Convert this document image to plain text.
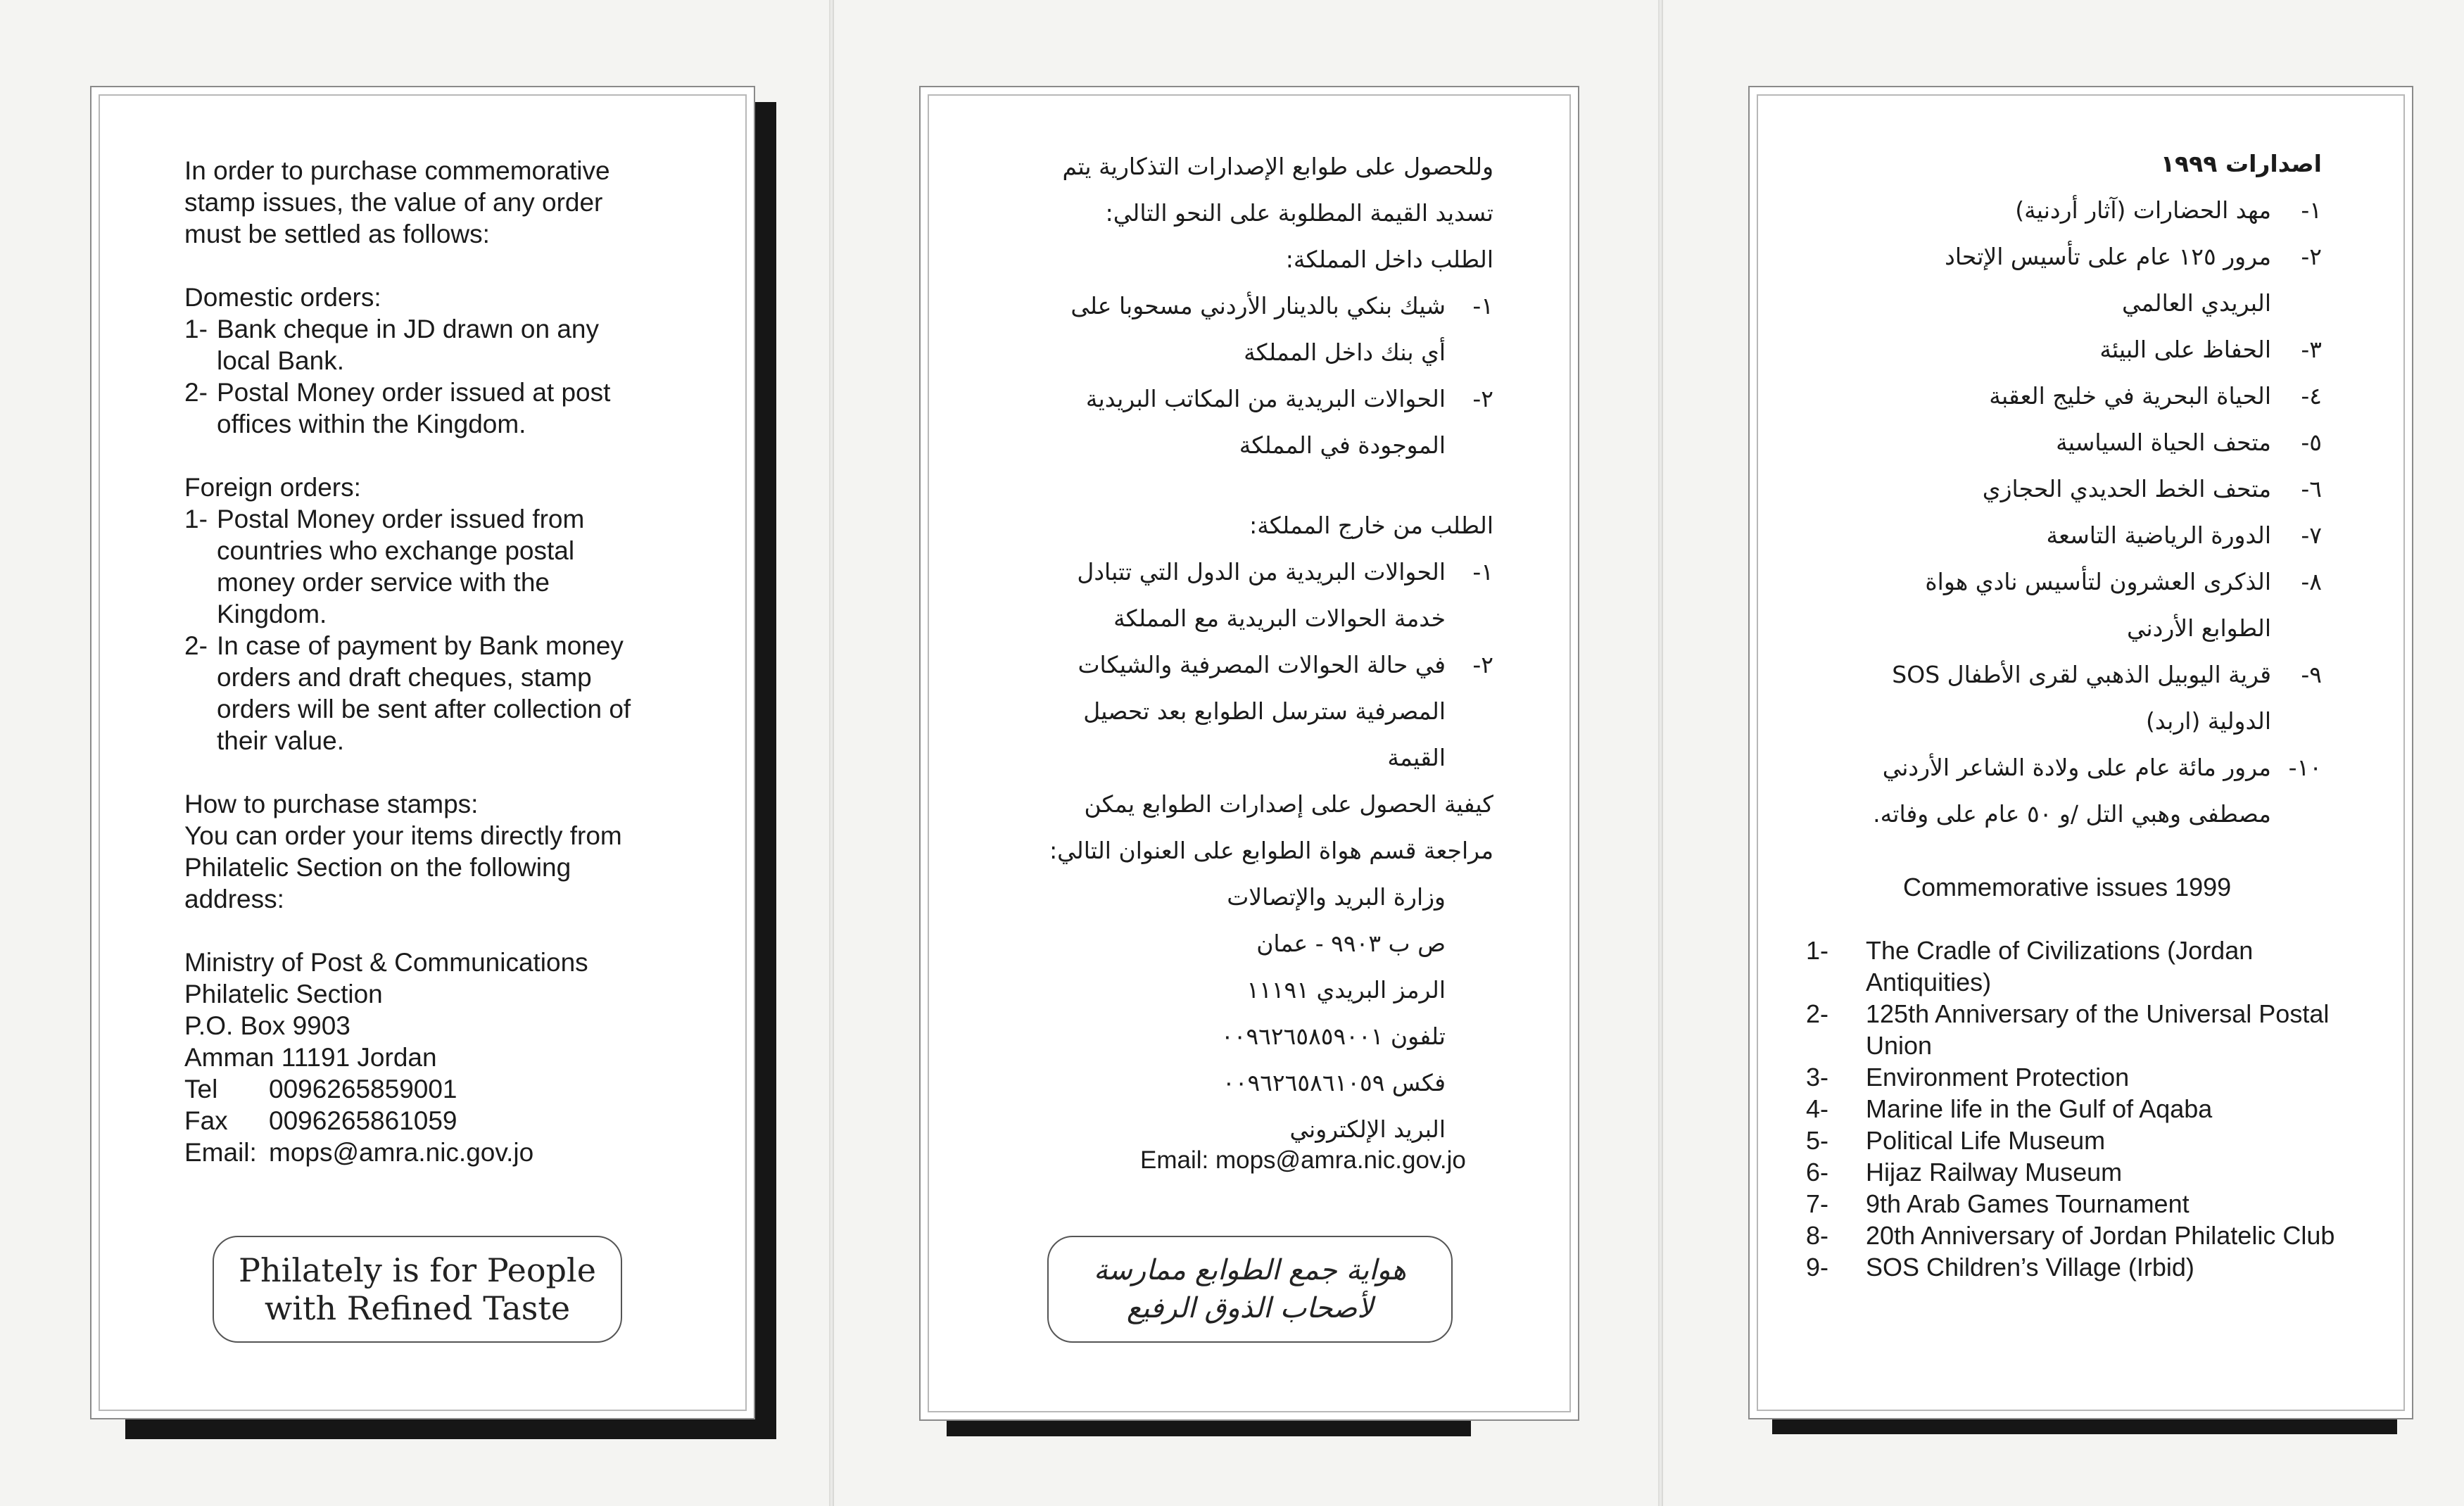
In order to purchase commemorative
stamp issues, the value of any order
must be settled as follows:
Domestic orders:
1- Bank cheque in JD drawn on any
local Bank.
2- Postal Money order issued at post
offices within the Kingdom.
Foreign orders:
1- Postal Money order issued from
countries who exchange postal
money order service with the
Kingdom.
2- In case of payment by Bank money
orders and draft cheques, stamp
orders will be sent after collection of
their value.
How to purchase stamps:
You can order your items directly from
Philatelic Section on the following
address:
Ministry of Post & Communications
Philatelic Section
P.O. Box 9903
Amman 11191 Jordan
Tel 0096265859001
Fax 0096265861059
Email: mops@amra.nic.gov.jo
Philately is for People
with Refined Taste
وللحصول على طوابع الإصدارات التذكارية يتم
تسديد القيمة المطلوبة على النحو التالي:
الطلب داخل المملكة:
١-
شيك بنكي بالدينار الأردني مسحوبا على
أي بنك داخل المملكة
٢-
الحوالات البريدية من المكاتب البريدية
الموجودة في المملكة
الطلب من خارج المملكة:
١-
الحوالات البريدية من الدول التي تتبادل
خدمة الحوالات البريدية مع المملكة
٢-
في حالة الحوالات المصرفية والشيكات
المصرفية سترسل الطوابع بعد تحصيل
القيمة
كيفية الحصول على إصدارات الطوابع يمكن
مراجعة قسم هواة الطوابع على العنوان التالي:
وزارة البريد والإتصالات
ص ب ٩٩٠٣ - عمان
الرمز البريدي ١١١٩١
تلفون ٠٠٩٦٢٦٥٨٥٩٠٠١
فكس ٠٠٩٦٢٦٥٨٦١٠٥٩
البريد الإلكتروني
Email: mops@amra.nic.gov.jo
هواية جمع الطوابع ممارسة
لأصحاب الذوق الرفيع
اصدارات ١٩٩٩
Commemorative issues 1999
1- The Cradle of Civilizations (Jordan
Antiquities)
2- 125th Anniversary of the Universal Postal
Union
3- Environment Protection
4- Marine life in the Gulf of Aqaba
5- Political Life Museum
6- Hijaz Railway Museum
7- 9th Arab Games Tournament
8- 20th Anniversary of Jordan Philatelic Club
9- SOS Children’s Village (Irbid)
١-
مهد الحضارات (آثار أردنية)
٢-
مرور ١٢٥ عام على تأسيس الإتحاد
البريدي العالمي
٣-
الحفاظ على البيئة
٤-
الحياة البحرية في خليج العقبة
٥-
متحف الحياة السياسية
٦-
متحف الخط الحديدي الحجازي
٧-
الدورة الرياضية التاسعة
٨-
الذكرى العشرون لتأسيس نادي هواة
الطوابع الأردني
٩-
قرية اليوبيل الذهبي لقرى الأطفال SOS
الدولية (اربد)
١٠-
مرور مائة عام على ولادة الشاعر الأردني
مصطفى وهبي التل /و ٥٠ عام على وفاته.
